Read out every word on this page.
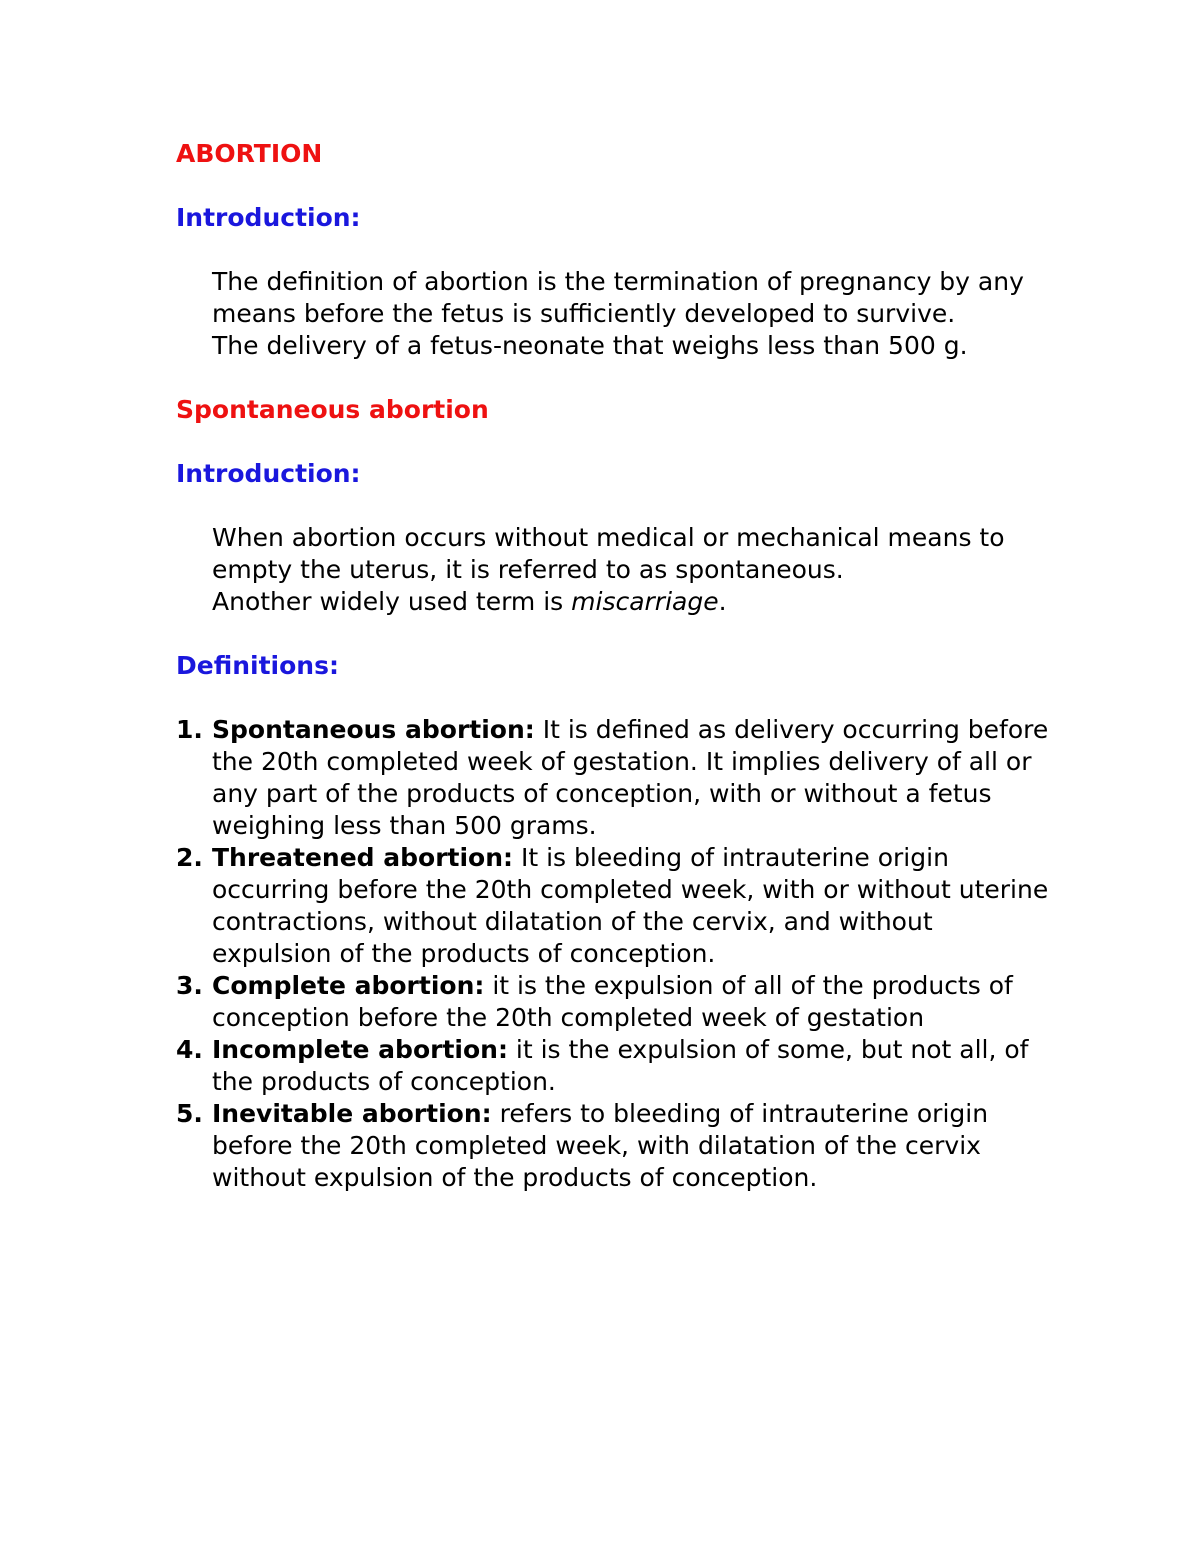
ABORTION
Introduction:
The definition of abortion is the termination of pregnancy by any means before the fetus is sufficiently developed to survive.
The delivery of a fetus-neonate that weighs less than 500 g.
Spontaneous abortion
Introduction:
When abortion occurs without medical or mechanical means to empty the uterus, it is referred to as spontaneous.
Another widely used term is miscarriage.
Definitions:
1. Spontaneous abortion: It is defined as delivery occurring before the 20th completed week of gestation. It implies delivery of all or any part of the products of conception, with or without a fetus weighing less than 500 grams.
2. Threatened abortion: It is bleeding of intrauterine origin occurring before the 20th completed week, with or without uterine contractions, without dilatation of the cervix, and without expulsion of the products of conception.
3. Complete abortion: it is the expulsion of all of the products of conception before the 20th completed week of gestation
4. Incomplete abortion: it is the expulsion of some, but not all, of the products of conception.
5. Inevitable abortion: refers to bleeding of intrauterine origin before the 20th completed week, with dilatation of the cervix without expulsion of the products of conception.
